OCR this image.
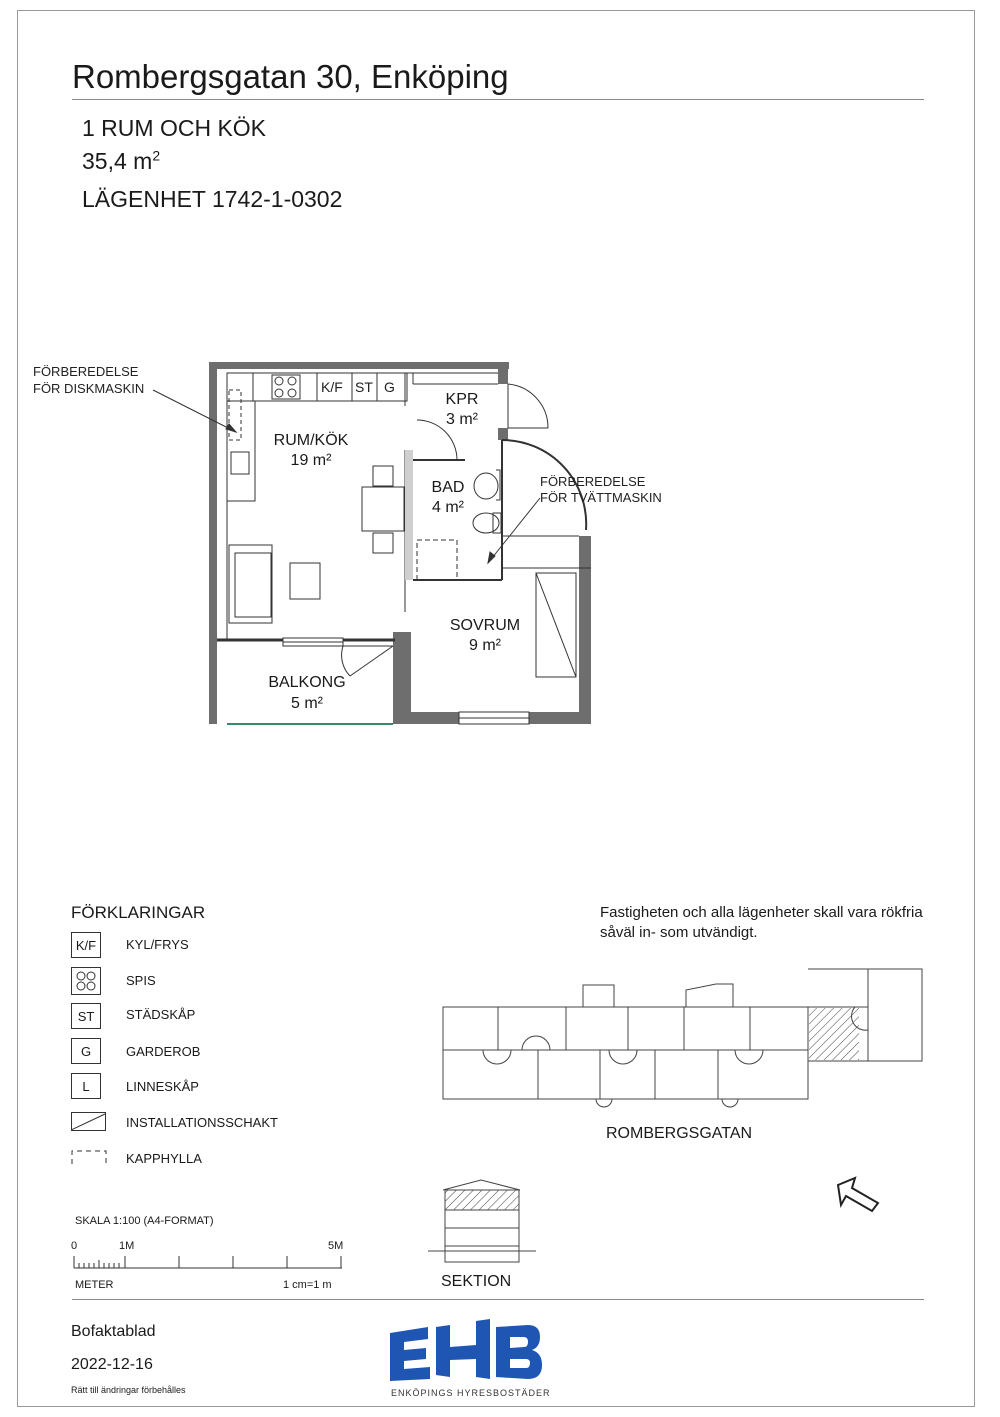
Rombergsgatan 30, Enköping
1 RUM OCH KÖK
35,4 $m^2$
LÄGENHET 1742-1-0302
K/F ST G
FÖRBEREDELSE
FÖR DISKMASKIN
FÖRBEREDELSE
FÖR TVÄTTMASKIN
RUM/KÖK
19 m²
KPR
3 m²
BAD
4 m²
SOVRUM
9 m²
BALKONG
5 m²
FÖRKLARINGAR
K/F	KYL/FRYS
SPIS
ST	STÄDSKÅP
G	GARDEROB
L	LINNESKÅP
INSTALLATIONSSCHAKT
KAPPHYLLA
SKALA 1:100 (A4-FORMAT)
0	1M	5M
METER	1 cm=1 m
Fastigheten och alla lägenheter skall vara rökfria såväl in- som utvändigt.
ROMBERGSGATAN
SEKTION
Bofaktablad
2022-12-16
Rätt till ändringar förbehålles	ENKÖPINGS HYRESBOSTÄDER
